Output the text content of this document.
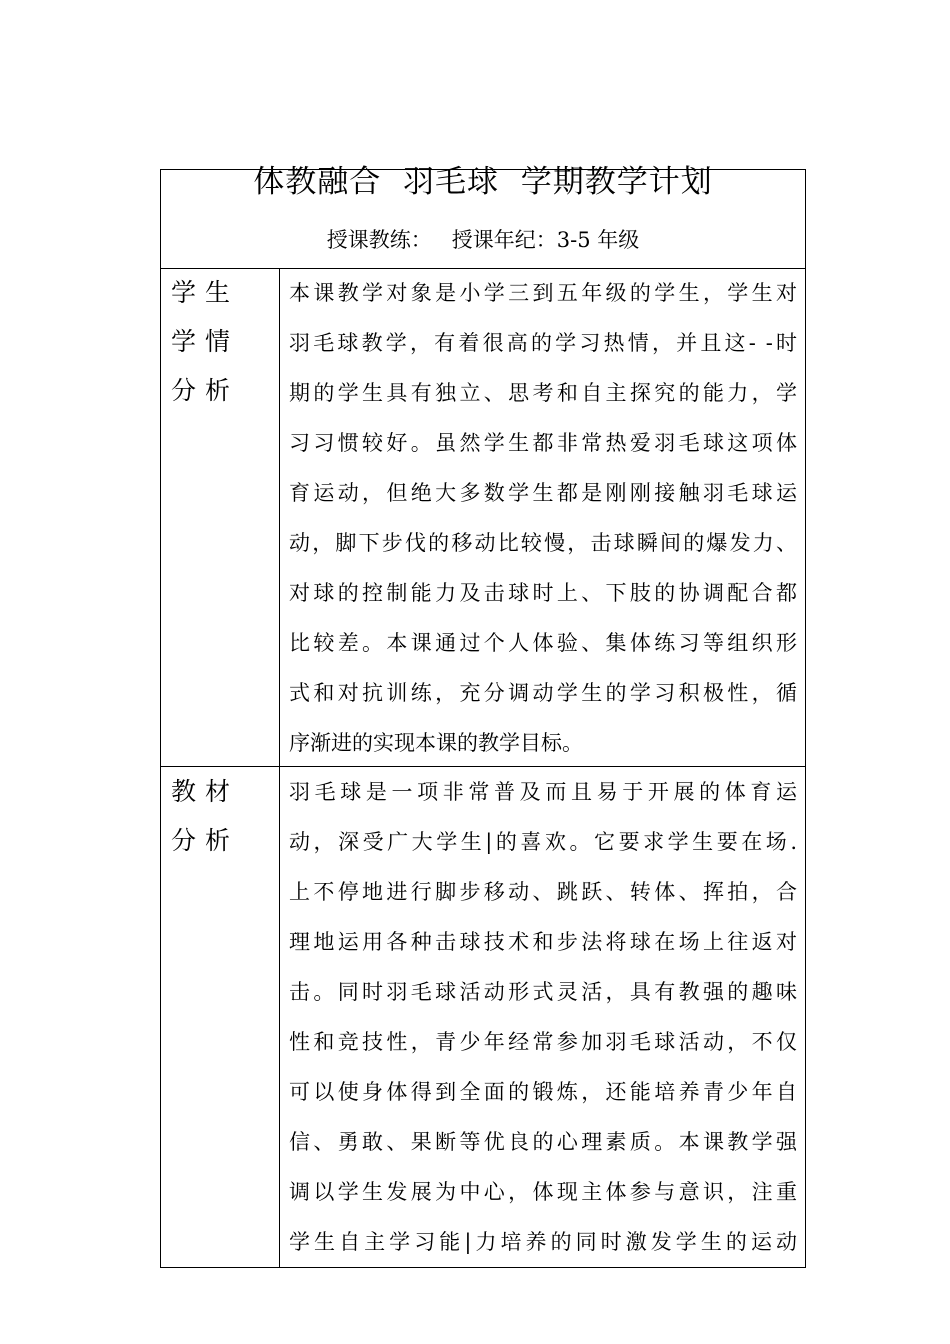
体教融合  羽毛球  学期教学计划
授课教练：   授课年纪：3-5 年级
学生学情分析

本课教学对象是小学三到五年级的学生，学生对
羽毛球教学，有着很高的学习热情，并且这- -时
期的学生具有独立、思考和自主探究的能力，学
习习惯较好。虽然学生都非常热爱羽毛球这项体
育运动，但绝大多数学生都是刚刚接触羽毛球运
动，脚下步伐的移动比较慢，击球瞬间的爆发力、
对球的控制能力及击球时上、下肢的协调配合都
比较差。本课通过个人体验、集体练习等组织形
式和对抗训练，充分调动学生的学习积极性，循
序渐进的实现本课的教学目标。

教材分析

羽毛球是一项非常普及而且易于开展的体育运
动，深受广大学生|的喜欢。它要求学生要在场.
上不停地进行脚步移动、跳跃、转体、挥拍，合
理地运用各种击球技术和步法将球在场上往返对
击。同时羽毛球活动形式灵活，具有教强的趣味
性和竞技性，青少年经常参加羽毛球活动，不仅
可以使身体得到全面的锻炼，还能培养青少年自
信、勇敢、果断等优良的心理素质。本课教学强
调以学生发展为中心，体现主体参与意识，注重
学生自主学习能|力培养的同时激发学生的运动
